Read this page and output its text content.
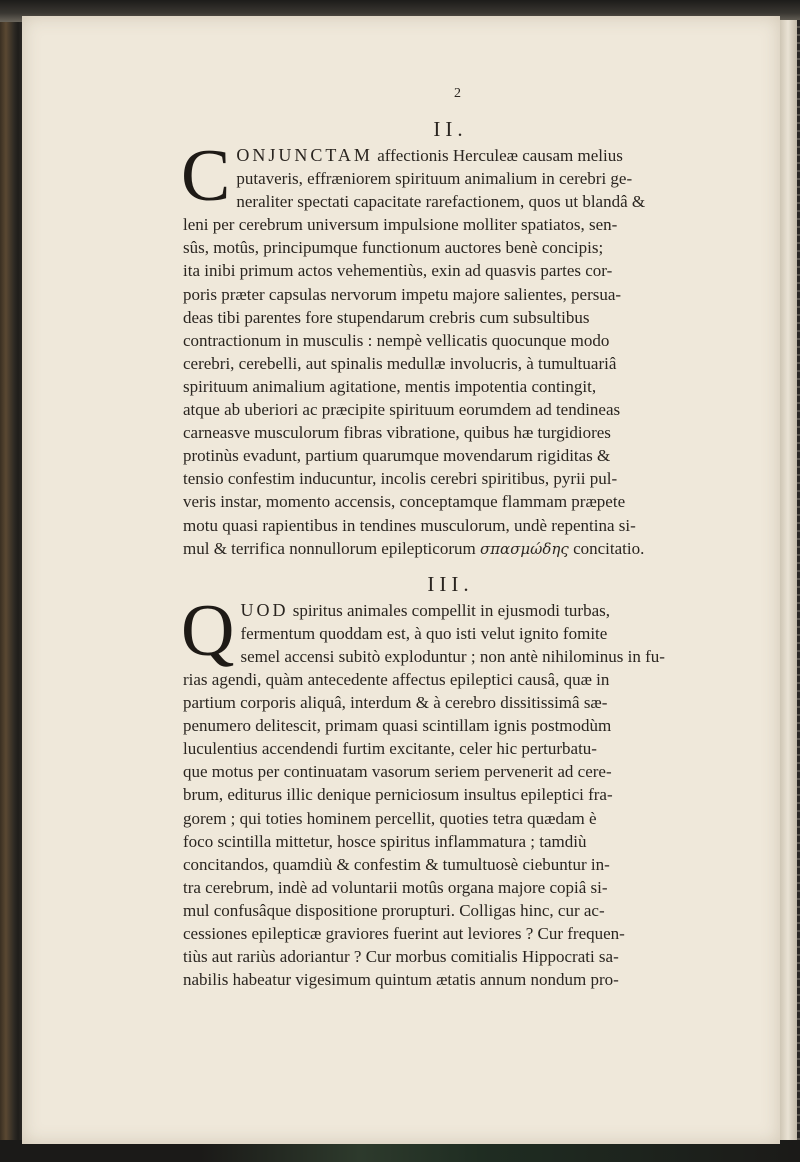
2
II.

C ONJUNCTAM affectionis Herculeæ causam melius
putaveris, effræniorem spirituum animalium in cerebri ge-
neraliter spectati capacitate rarefactionem, quos ut blandâ &
leni per cerebrum universum impulsione molliter spatiatos, sen-
sûs, motûs, principumque functionum auctores benè concipis;
ita inibi primum actos vehementiùs, exin ad quasvis partes cor-
poris præter capsulas nervorum impetu majore salientes, persua-
deas tibi parentes fore stupendarum crebris cum subsultibus
contractionum in musculis : nempè vellicatis quocunque modo
cerebri, cerebelli, aut spinalis medullæ involucris, à tumultuariâ
spirituum animalium agitatione, mentis impotentia contingit,
atque ab uberiori ac præcipite spirituum eorumdem ad tendineas
carneasve musculorum fibras vibratione, quibus hæ turgidiores
protinùs evadunt, partium quarumque movendarum rigiditas &
tensio confestim inducuntur, incolis cerebri spiritibus, pyrii pul-
veris instar, momento accensis, conceptamque flammam præpete
motu quasi rapientibus in tendines musculorum, undè repentina si-
mul & terrifica nonnullorum epilepticorum σπασμώδης concitatio.

III.

Q UOD spiritus animales compellit in ejusmodi turbas,
fermentum quoddam est, à quo isti velut ignito fomite
semel accensi subitò exploduntur ; non antè nihilominus in fu-
rias agendi, quàm antecedente affectus epileptici causâ, quæ in
partium corporis aliquâ, interdum & à cerebro dissitissimâ sæ-
penumero delitescit, primam quasi scintillam ignis postmodùm
luculentius accendendi furtim excitante, celer hic perturbatu-
que motus per continuatam vasorum seriem pervenerit ad cere-
brum, editurus illic denique perniciosum insultus epileptici fra-
gorem ; qui toties hominem percellit, quoties tetra quædam è
foco scintilla mittetur, hosce spiritus inflammatura ; tamdiù
concitandos, quamdiù & confestim & tumultuosè ciebuntur in-
tra cerebrum, indè ad voluntarii motûs organa majore copiâ si-
mul confusâque dispositione prorupturi. Colligas hinc, cur ac-
cessiones epilepticæ graviores fuerint aut leviores ? Cur frequen-
tiùs aut rariùs adoriantur ? Cur morbus comitialis Hippocrati sa-
nabilis habeatur vigesimum quintum ætatis annum nondum pro-
